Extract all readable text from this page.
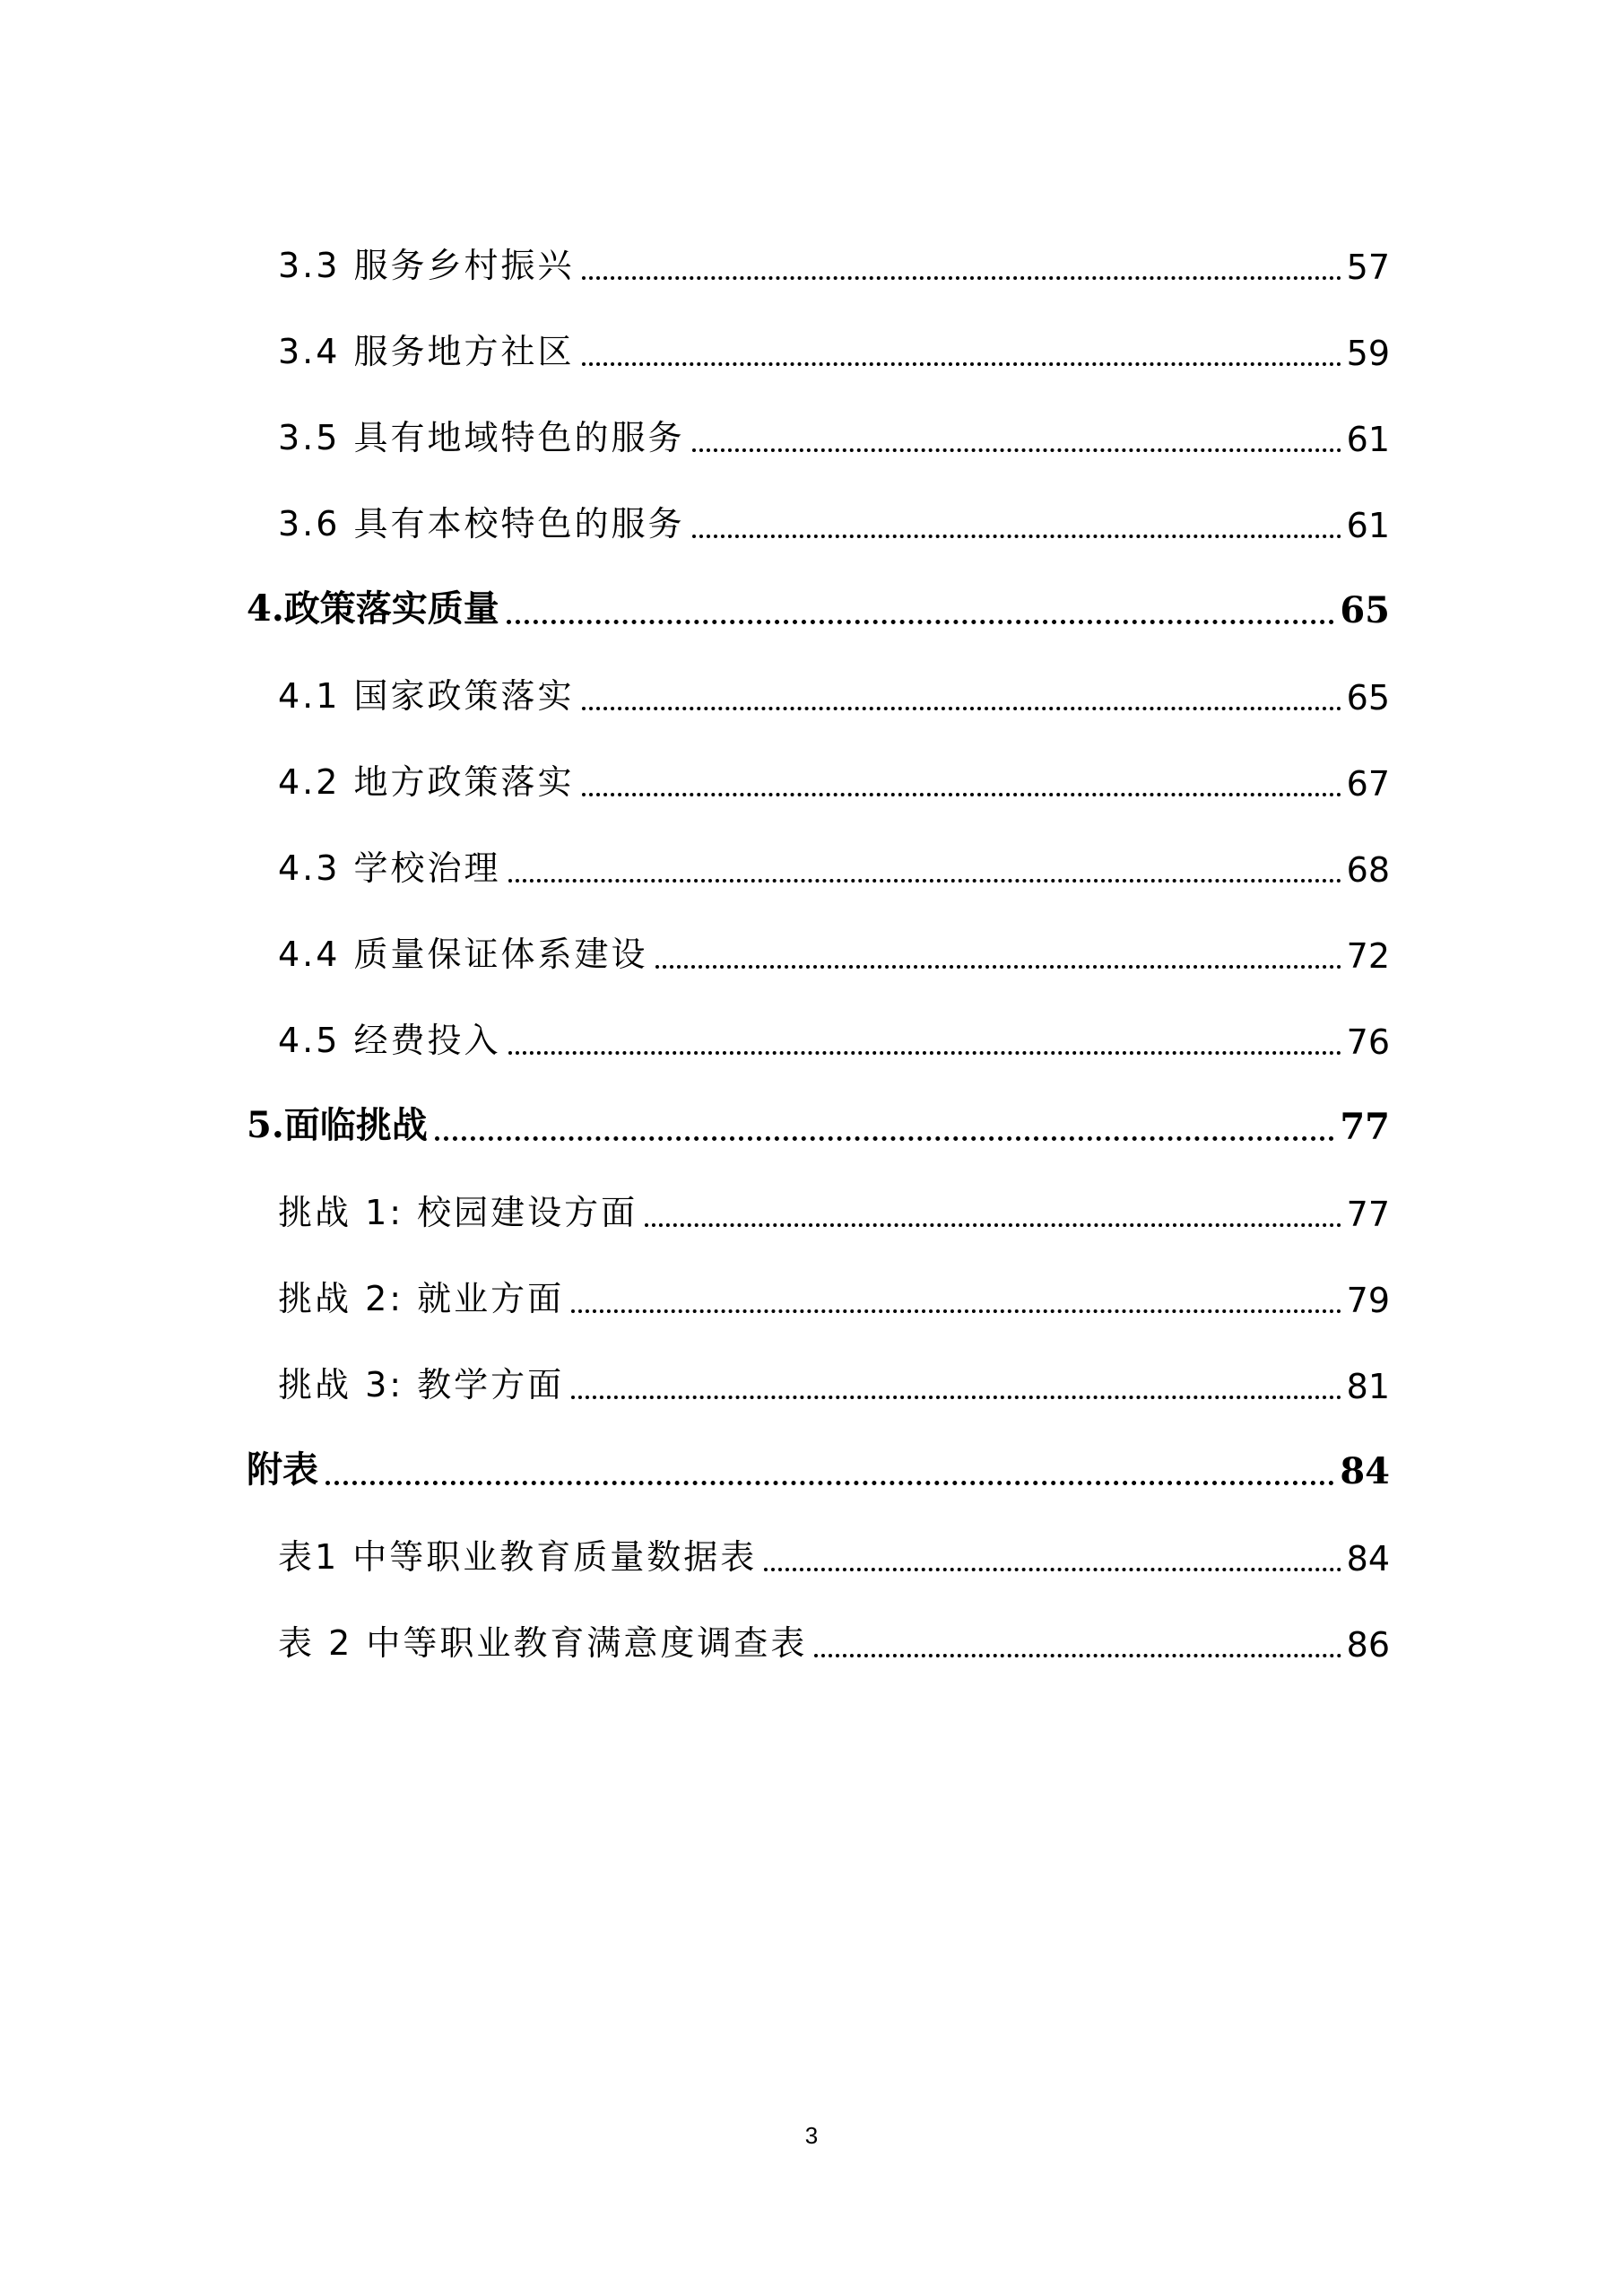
3.3 服务乡村振兴	57
3.4 服务地方社区	59
3.5 具有地域特色的服务	61
3.6 具有本校特色的服务	61
4.政策落实质量	65
4.1 国家政策落实	65
4.2 地方政策落实	67
4.3 学校治理	68
4.4 质量保证体系建设	72
4.5 经费投入	76
5.面临挑战	77
挑战 1: 校园建设方面	77
挑战 2: 就业方面	79
挑战 3: 教学方面	81
附表	84
表1 中等职业教育质量数据表	84
表 2 中等职业教育满意度调查表	86
3
